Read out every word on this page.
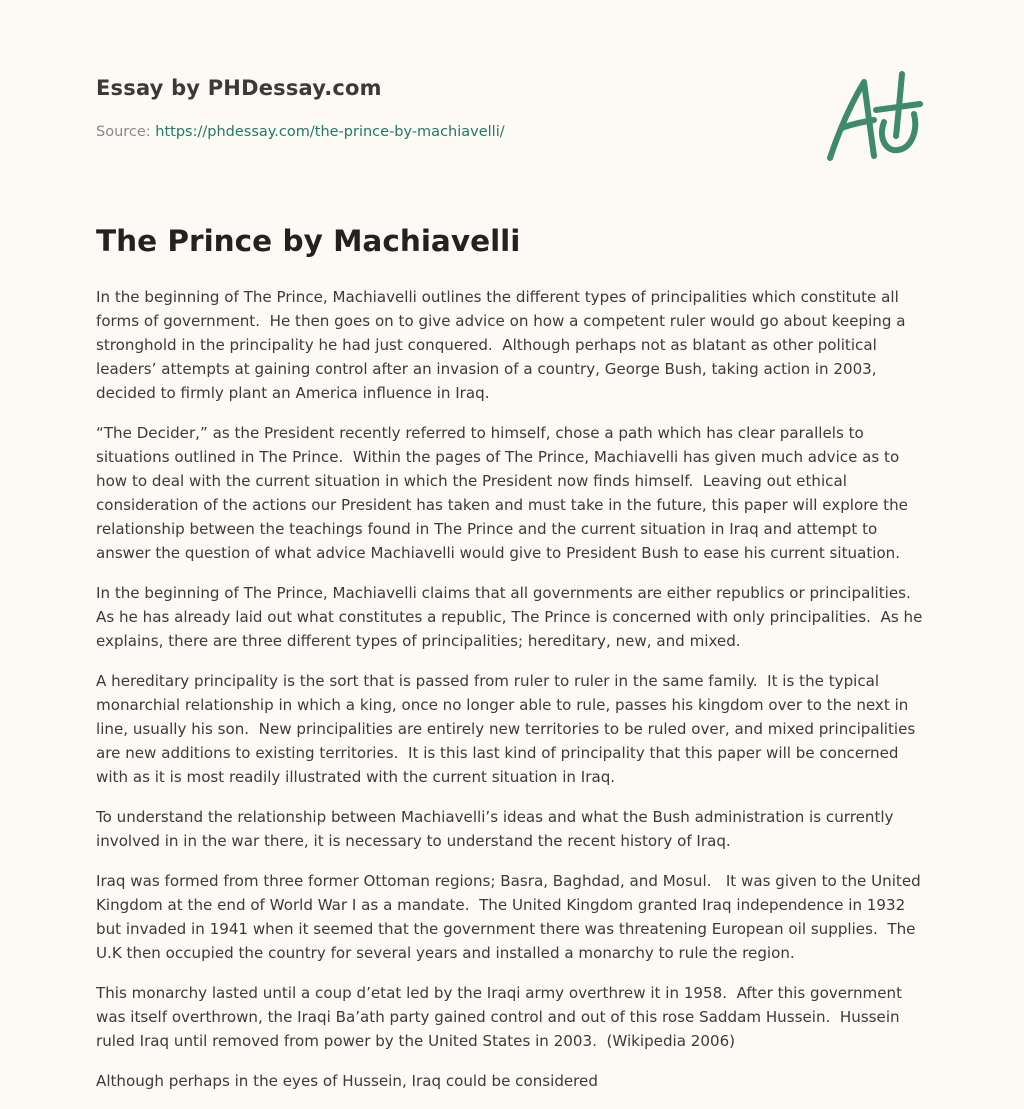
Essay by PHDessay.com
Source: https://phdessay.com/the-prince-by-machiavelli/
The Prince by Machiavelli

In the beginning of The Prince, Machiavelli outlines the different types of principalities which constitute all forms of government.  He then goes on to give advice on how a competent ruler would go about keeping a stronghold in the principality he had just conquered.  Although perhaps not as blatant as other political leaders’ attempts at gaining control after an invasion of a country, George Bush, taking action in 2003, decided to firmly plant an America influence in Iraq.

“The Decider,” as the President recently referred to himself, chose a path which has clear parallels to situations outlined in The Prince.  Within the pages of The Prince, Machiavelli has given much advice as to how to deal with the current situation in which the President now finds himself.  Leaving out ethical consideration of the actions our President has taken and must take in the future, this paper will explore the relationship between the teachings found in The Prince and the current situation in Iraq and attempt to answer the question of what advice Machiavelli would give to President Bush to ease his current situation.

In the beginning of The Prince, Machiavelli claims that all governments are either republics or principalities.  As he has already laid out what constitutes a republic, The Prince is concerned with only principalities.  As he explains, there are three different types of principalities; hereditary, new, and mixed.

A hereditary principality is the sort that is passed from ruler to ruler in the same family.  It is the typical monarchial relationship in which a king, once no longer able to rule, passes his kingdom over to the next in line, usually his son.  New principalities are entirely new territories to be ruled over, and mixed principalities are new additions to existing territories.  It is this last kind of principality that this paper will be concerned with as it is most readily illustrated with the current situation in Iraq.

To understand the relationship between Machiavelli’s ideas and what the Bush administration is currently involved in in the war there, it is necessary to understand the recent history of Iraq.

Iraq was formed from three former Ottoman regions; Basra, Baghdad, and Mosul.   It was given to the United Kingdom at the end of World War I as a mandate.  The United Kingdom granted Iraq independence in 1932 but invaded in 1941 when it seemed that the government there was threatening European oil supplies.  The U.K then occupied the country for several years and installed a monarchy to rule the region.

This monarchy lasted until a coup d’etat led by the Iraqi army overthrew it in 1958.  After this government was itself overthrown, the Iraqi Ba’ath party gained control and out of this rose Saddam Hussein.  Hussein ruled Iraq until removed from power by the United States in 2003.  (Wikipedia 2006)

Although perhaps in the eyes of Hussein, Iraq could be considered
